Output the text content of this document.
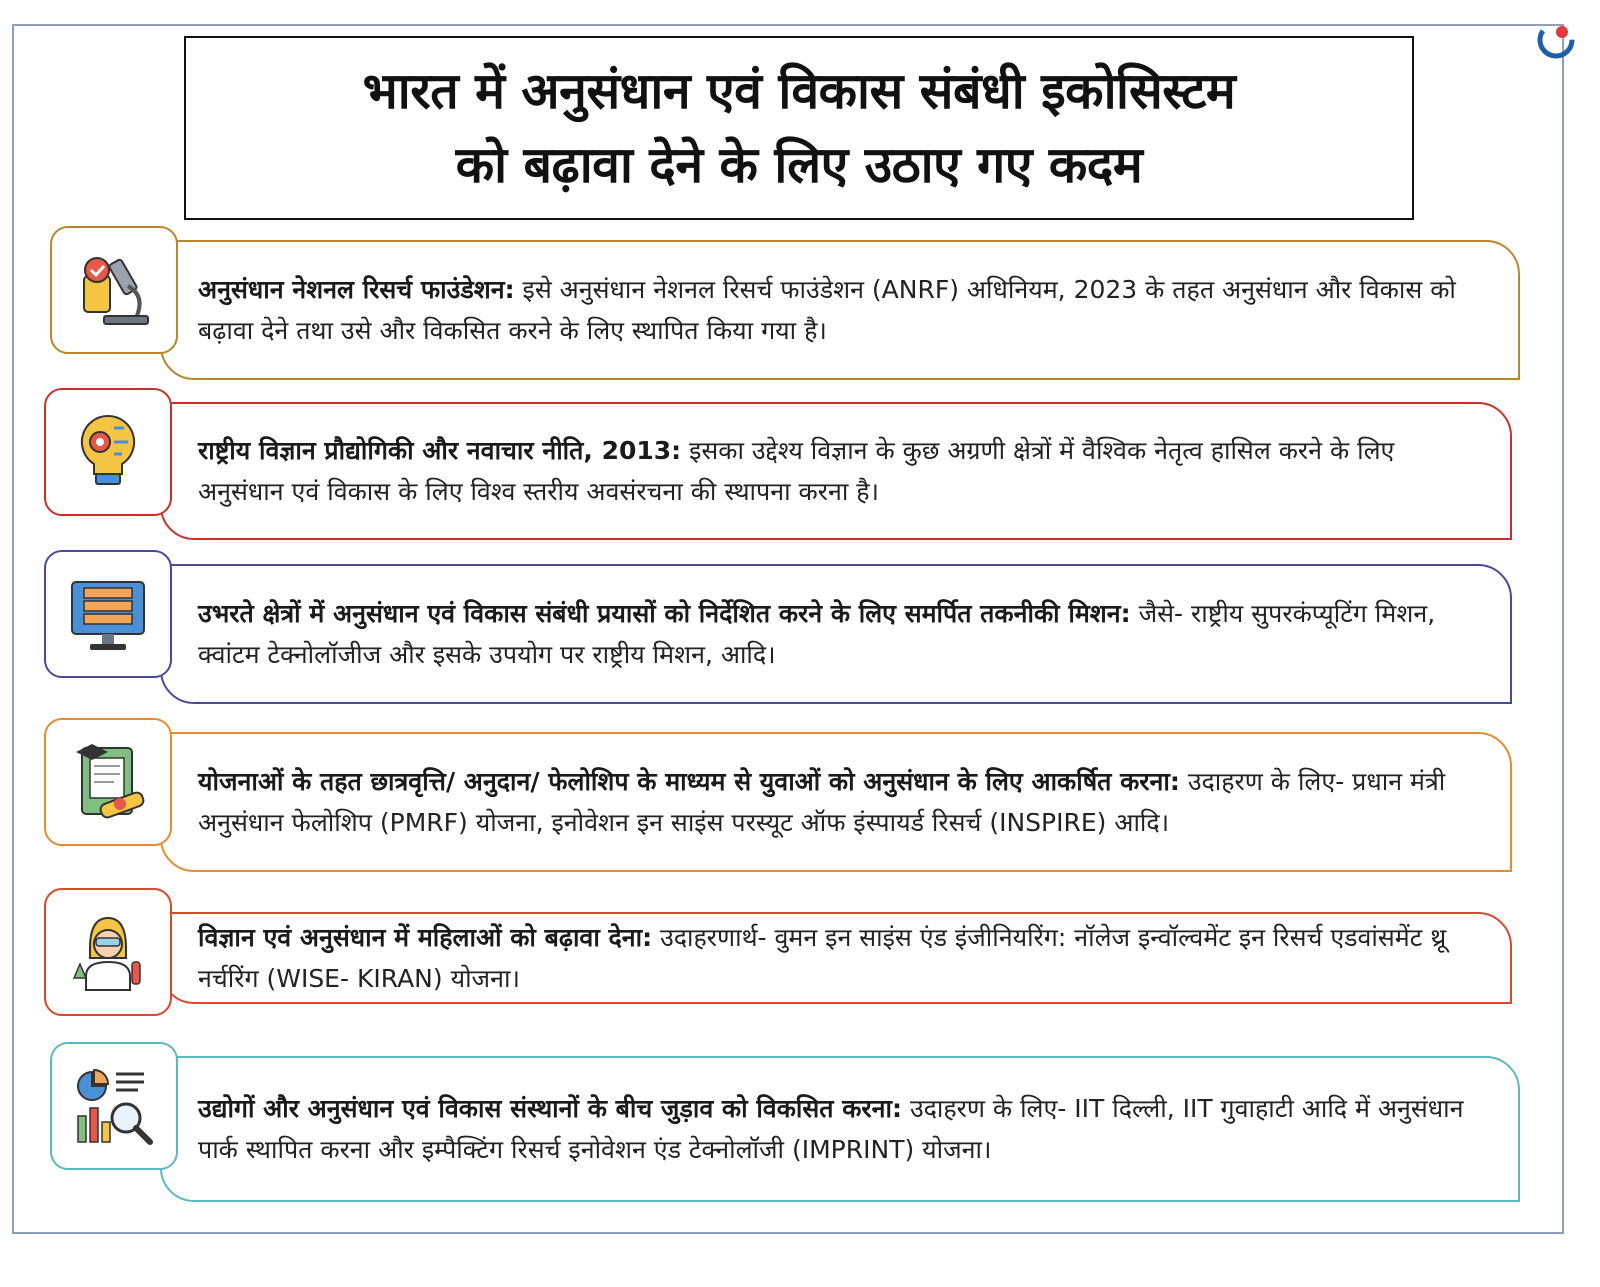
भारत में अनुसंधान एवं विकास संबंधी इकोसिस्टम
को बढ़ावा देने के लिए उठाए गए कदम
अनुसंधान नेशनल रिसर्च फाउंडेशन: इसे अनुसंधान नेशनल रिसर्च फाउंडेशन (ANRF) अधिनियम, 2023 के तहत अनुसंधान और विकास को बढ़ावा देने तथा उसे और विकसित करने के लिए स्थापित किया गया है।
राष्ट्रीय विज्ञान प्रौद्योगिकी और नवाचार नीति, 2013: इसका उद्देश्य विज्ञान के कुछ अग्रणी क्षेत्रों में वैश्विक नेतृत्व हासिल करने के लिए अनुसंधान एवं विकास के लिए विश्व स्तरीय अवसंरचना की स्थापना करना है।
उभरते क्षेत्रों में अनुसंधान एवं विकास संबंधी प्रयासों को निर्देशित करने के लिए समर्पित तकनीकी मिशन: जैसे- राष्ट्रीय सुपरकंप्यूटिंग मिशन, क्वांटम टेक्नोलॉजीज और इसके उपयोग पर राष्ट्रीय मिशन, आदि।
योजनाओं के तहत छात्रवृत्ति/ अनुदान/ फेलोशिप के माध्यम से युवाओं को अनुसंधान के लिए आकर्षित करना: उदाहरण के लिए- प्रधान मंत्री अनुसंधान फेलोशिप (PMRF) योजना, इनोवेशन इन साइंस परस्यूट ऑफ इंस्पायर्ड रिसर्च (INSPIRE) आदि।
विज्ञान एवं अनुसंधान में महिलाओं को बढ़ावा देना: उदाहरणार्थ- वुमन इन साइंस एंड इंजीनियरिंग: नॉलेज इन्वॉल्वमेंट इन रिसर्च एडवांसमेंट थ्रू नर्चरिंग (WISE- KIRAN) योजना।
उद्योगों और अनुसंधान एवं विकास संस्थानों के बीच जुड़ाव को विकसित करना: उदाहरण के लिए- IIT दिल्ली, IIT गुवाहाटी आदि में अनुसंधान पार्क स्थापित करना और इम्पैक्टिंग रिसर्च इनोवेशन एंड टेक्नोलॉजी (IMPRINT) योजना।
